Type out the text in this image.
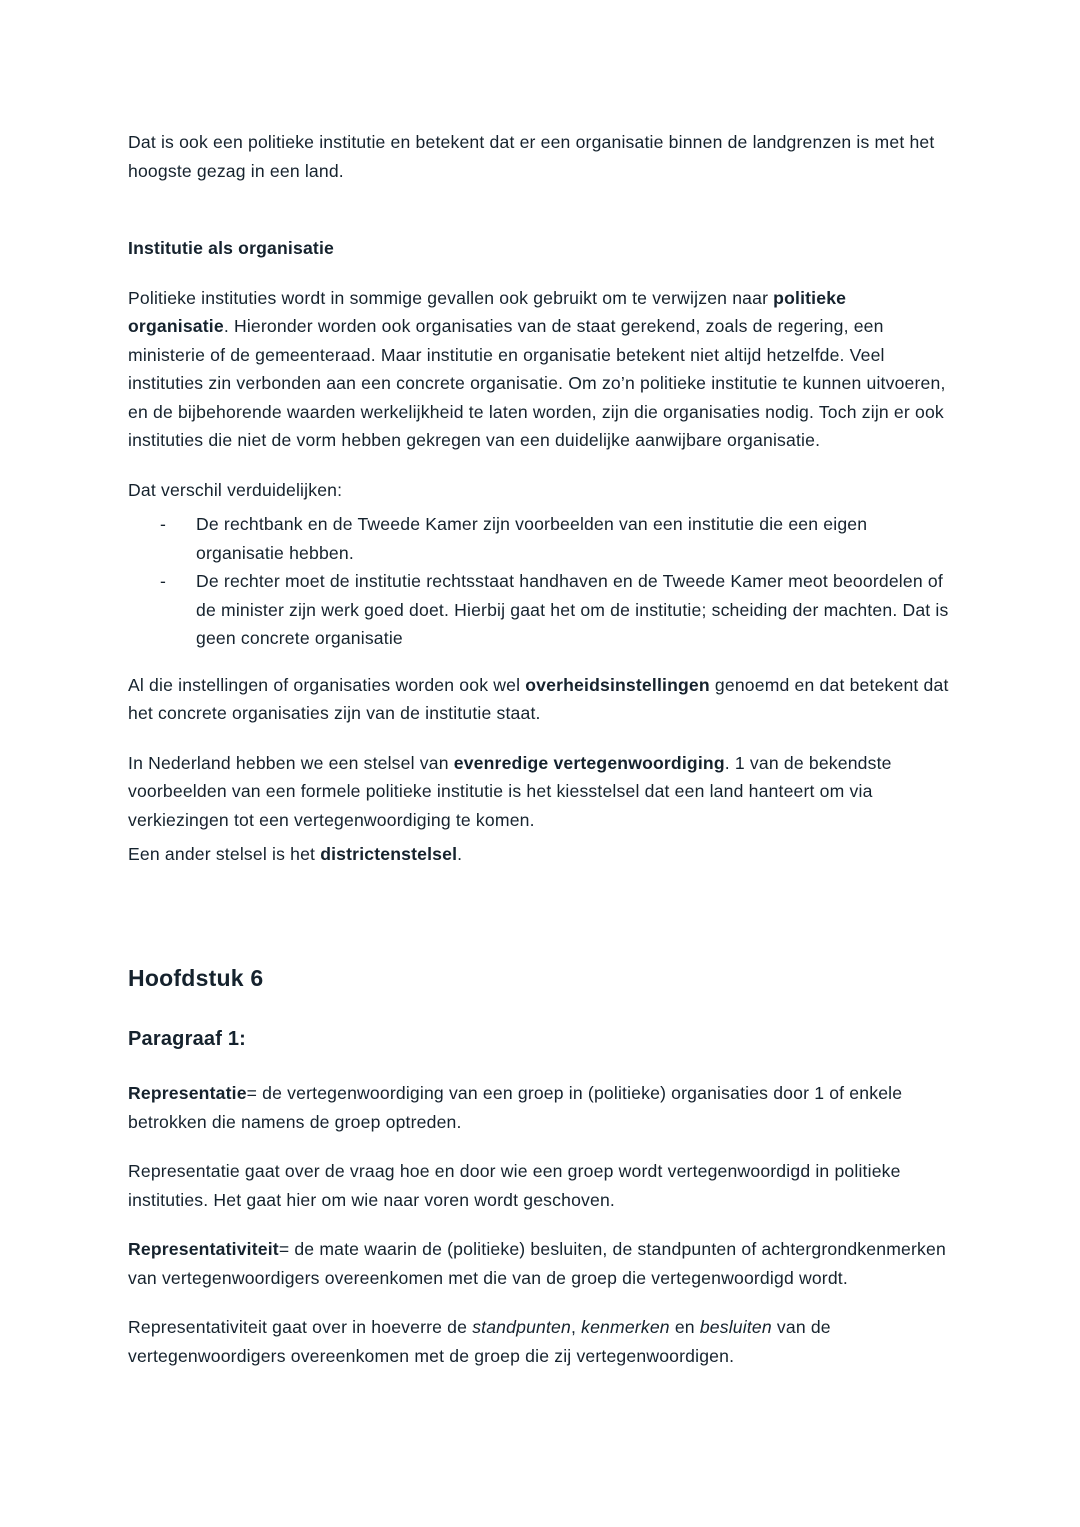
Dat is ook een politieke institutie en betekent dat er een organisatie binnen de landgrenzen is met het hoogste gezag in een land.

Institutie als organisatie

Politieke instituties wordt in sommige gevallen ook gebruikt om te verwijzen naar politieke organisatie. Hieronder worden ook organisaties van de staat gerekend, zoals de regering, een ministerie of de gemeenteraad. Maar institutie en organisatie betekent niet altijd hetzelfde. Veel instituties zin verbonden aan een concrete organisatie. Om zo’n politieke institutie te kunnen uitvoeren, en de bijbehorende waarden werkelijkheid te laten worden, zijn die organisaties nodig. Toch zijn er ook instituties die niet de vorm hebben gekregen van een duidelijke aanwijbare organisatie.

Dat verschil verduidelijken:

- De rechtbank en de Tweede Kamer zijn voorbeelden van een institutie die een eigen organisatie hebben.
- De rechter moet de institutie rechtsstaat handhaven en de Tweede Kamer meot beoordelen of de minister zijn werk goed doet. Hierbij gaat het om de institutie; scheiding der machten. Dat is geen concrete organisatie

Al die instellingen of organisaties worden ook wel overheidsinstellingen genoemd en dat betekent dat het concrete organisaties zijn van de institutie staat.

In Nederland hebben we een stelsel van evenredige vertegenwoordiging. 1 van de bekendste voorbeelden van een formele politieke institutie is het kiesstelsel dat een land hanteert om via verkiezingen tot een vertegenwoordiging te komen.

Een ander stelsel is het districtenstelsel.

Hoofdstuk 6

Paragraaf 1:

Representatie= de vertegenwoordiging van een groep in (politieke) organisaties door 1 of enkele betrokken die namens de groep optreden.

Representatie gaat over de vraag hoe en door wie een groep wordt vertegenwoordigd in politieke instituties. Het gaat hier om wie naar voren wordt geschoven.

Representativiteit= de mate waarin de (politieke) besluiten, de standpunten of achtergrondkenmerken van vertegenwoordigers overeenkomen met die van de groep die vertegenwoordigd wordt.

Representativiteit gaat over in hoeverre de standpunten, kenmerken en besluiten van de vertegenwoordigers overeenkomen met de groep die zij vertegenwoordigen.
